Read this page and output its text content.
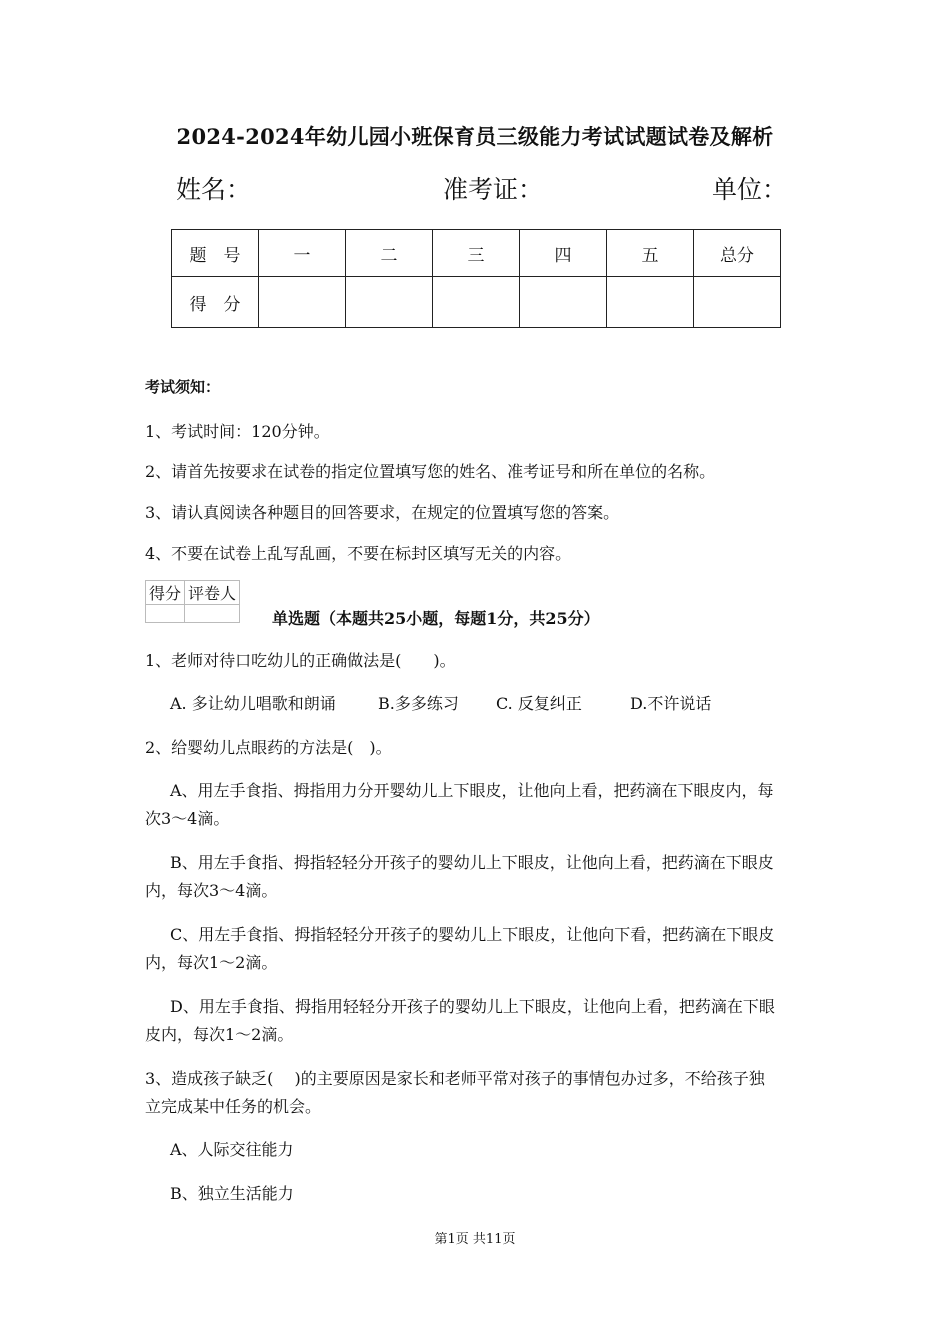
2024-2024年幼儿园小班保育员三级能力考试试题试卷及解析
姓名：	准考证：	单位：
题　号	一	二	三	四	五	总分
得　分						
考试须知：
1、考试时间：120分钟。
2、请首先按要求在试卷的指定位置填写您的姓名、准考证号和所在单位的名称。
3、请认真阅读各种题目的回答要求，在规定的位置填写您的答案。
4、不要在试卷上乱写乱画，不要在标封区填写无关的内容。
得分	评卷人

单选题（本题共25小题，每题1分，共25分）
1、老师对待口吃幼儿的正确做法是(　　)。
A. 多让幼儿唱歌和朗诵	B.多多练习 C. 反复纠正	D.不许说话
2、给婴幼儿点眼药的方法是(　)。
A、用左手食指、拇指用力分开婴幼儿上下眼皮，让他向上看，把药滴在下眼皮内，每
次3～4滴。
B、用左手食指、拇指轻轻分开孩子的婴幼儿上下眼皮，让他向上看，把药滴在下眼皮
内，每次3～4滴。
C、用左手食指、拇指轻轻分开孩子的婴幼儿上下眼皮，让他向下看，把药滴在下眼皮
内，每次1～2滴。
D、用左手食指、拇指用轻轻分开孩子的婴幼儿上下眼皮，让他向上看，把药滴在下眼
皮内，每次1～2滴。
3、造成孩子缺乏(　 )的主要原因是家长和老师平常对孩子的事情包办过多，不给孩子独
立完成某中任务的机会。
A、人际交往能力
B、独立生活能力
第1页 共11页
